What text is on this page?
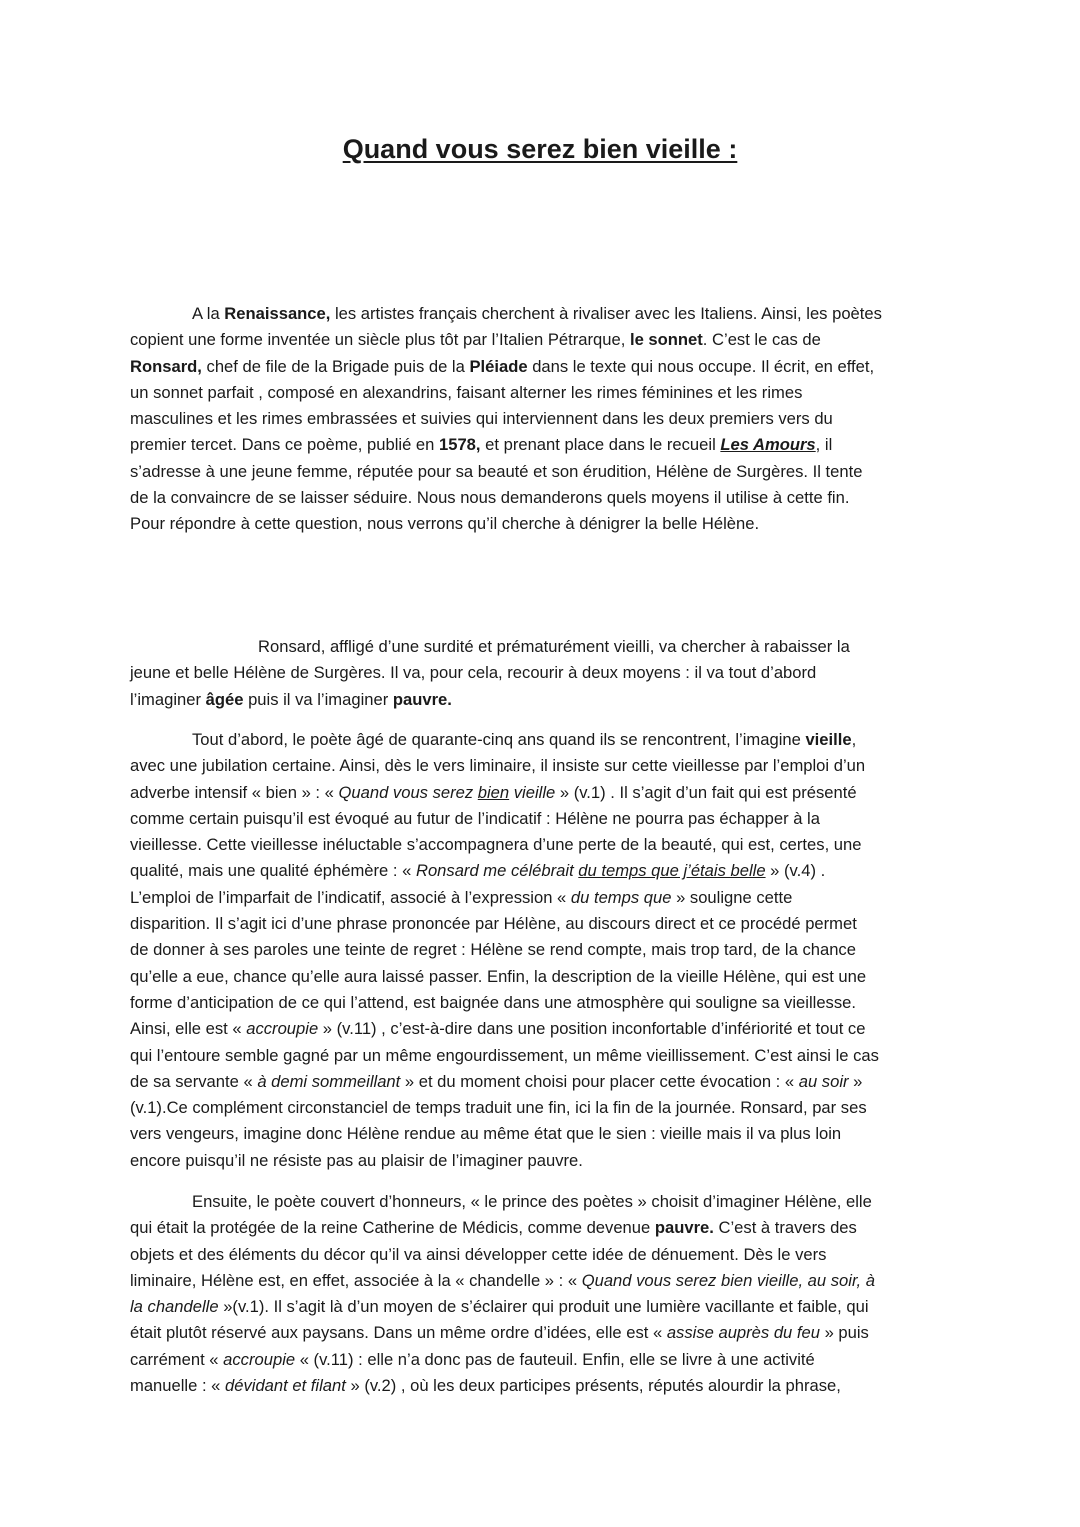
Quand vous serez bien vieille :
A la Renaissance, les artistes français cherchent à rivaliser avec les Italiens. Ainsi, les poètes
copient une forme inventée un siècle plus tôt par l’Italien Pétrarque, le sonnet. C’est le cas de
Ronsard, chef de file de la Brigade puis de la Pléiade dans le texte qui nous occupe. Il écrit, en effet,
un sonnet parfait , composé en alexandrins, faisant alterner les rimes féminines et les rimes
masculines et les rimes embrassées et suivies qui interviennent dans les deux premiers vers du
premier tercet. Dans ce poème, publié en 1578, et prenant place dans le recueil Les Amours, il
s’adresse à une jeune femme, réputée pour sa beauté et son érudition, Hélène de Surgères. Il tente
de la convaincre de se laisser séduire. Nous nous demanderons quels moyens il utilise à cette fin.
Pour répondre à cette question, nous verrons qu’il cherche à dénigrer la belle Hélène.
Ronsard, affligé d’une surdité et prématurément vieilli, va chercher à rabaisser la
jeune et belle Hélène de Surgères. Il va, pour cela, recourir à deux moyens : il va tout d’abord
l’imaginer âgée puis il va l’imaginer pauvre.
Tout d’abord, le poète âgé de quarante-cinq ans quand ils se rencontrent, l’imagine vieille,
avec une jubilation certaine. Ainsi, dès le vers liminaire, il insiste sur cette vieillesse par l’emploi d’un
adverbe intensif « bien » : « Quand vous serez bien vieille » (v.1) . Il s’agit d’un fait qui est présenté
comme certain puisqu’il est évoqué au futur de l’indicatif : Hélène ne pourra pas échapper à la
vieillesse. Cette vieillesse inéluctable s’accompagnera d’une perte de la beauté, qui est, certes, une
qualité, mais une qualité éphémère : « Ronsard me célébrait du temps que j’étais belle » (v.4) .
L’emploi de l’imparfait de l’indicatif, associé à l’expression « du temps que » souligne cette
disparition. Il s’agit ici d’une phrase prononcée par Hélène, au discours direct et ce procédé permet
de donner à ses paroles une teinte de regret : Hélène se rend compte, mais trop tard, de la chance
qu’elle a eue, chance qu’elle aura laissé passer. Enfin, la description de la vieille Hélène, qui est une
forme d’anticipation de ce qui l’attend, est baignée dans une atmosphère qui souligne sa vieillesse.
Ainsi, elle est « accroupie » (v.11) , c’est-à-dire dans une position inconfortable d’infériorité et tout ce
qui l’entoure semble gagné par un même engourdissement, un même vieillissement. C’est ainsi le cas
de sa servante « à demi sommeillant » et du moment choisi pour placer cette évocation : « au soir »
(v.1).Ce complément circonstanciel de temps traduit une fin, ici la fin de la journée. Ronsard, par ses
vers vengeurs, imagine donc Hélène rendue au même état que le sien : vieille mais il va plus loin
encore puisqu’il ne résiste pas au plaisir de l’imaginer pauvre.
Ensuite, le poète couvert d’honneurs, « le prince des poètes » choisit d’imaginer Hélène, elle
qui était la protégée de la reine Catherine de Médicis, comme devenue pauvre. C’est à travers des
objets et des éléments du décor qu’il va ainsi développer cette idée de dénuement. Dès le vers
liminaire, Hélène est, en effet, associée à la « chandelle » : « Quand vous serez bien vieille, au soir, à
la chandelle »(v.1). Il s’agit là d’un moyen de s’éclairer qui produit une lumière vacillante et faible, qui
était plutôt réservé aux paysans. Dans un même ordre d’idées, elle est « assise auprès du feu » puis
carrément « accroupie « (v.11) : elle n’a donc pas de fauteuil. Enfin, elle se livre à une activité
manuelle : « dévidant et filant » (v.2) , où les deux participes présents, réputés alourdir la phrase,
